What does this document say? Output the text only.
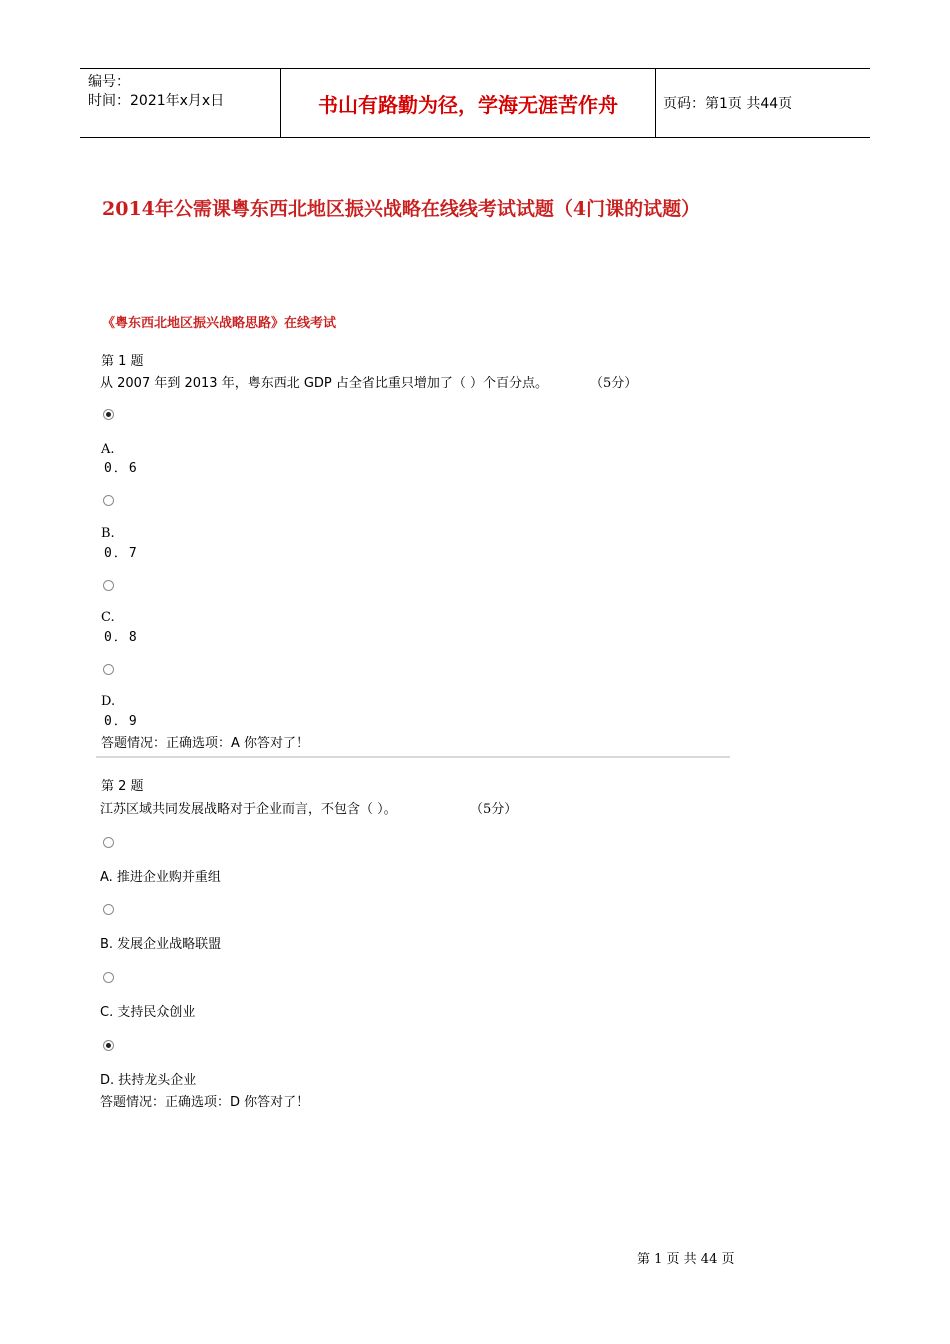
编号：
时间：2021年x月x日	书山有路勤为径，学海无涯苦作舟	页码：第1页 共44页
2014年公需课粤东西北地区振兴战略在线线考试试题（4门课的试题）
《粤东西北地区振兴战略思路》在线考试
第 1 题
从 2007 年到 2013 年，粤东西北 GDP 占全省比重只增加了（ ）个百分点。	（5分）
A.
0．6
B.
0．7
C.
0．8
D.
0．9
答题情况：正确选项：A 你答对了！
第 2 题
江苏区域共同发展战略对于企业而言，不包含（ ）。	（5分）
A. 推进企业购并重组
B. 发展企业战略联盟
C. 支持民众创业
D. 扶持龙头企业
答题情况：正确选项：D 你答对了！
第 1 页 共 44 页
